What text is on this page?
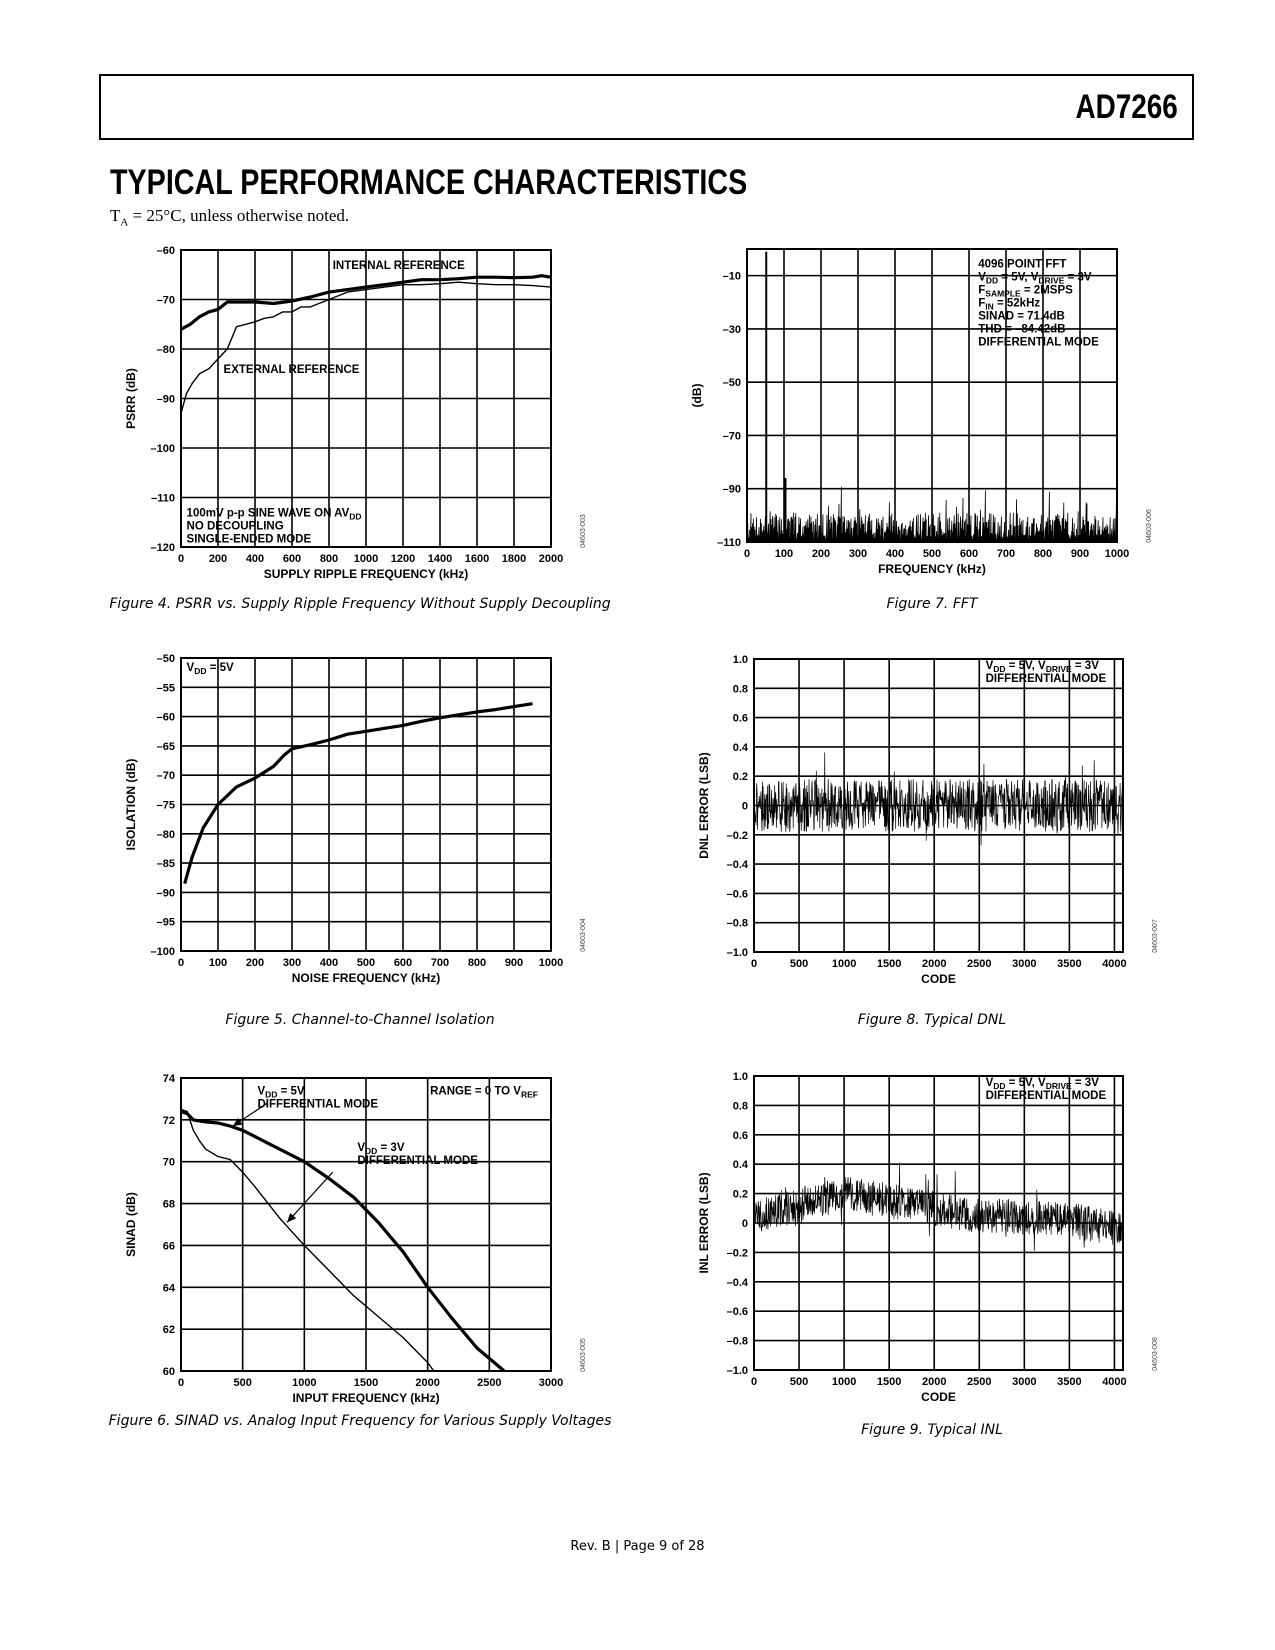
AD7266
TYPICAL PERFORMANCE CHARACTERISTICS
$T_A = 25^\circ C$, unless otherwise noted.
0 200 400 600 800 1000 1200 1400 1600 1800 2000
–120
–110
–100
–90
–80
–70
–60
SUPPLY RIPPLE FREQUENCY (kHz)
PSRR (dB)
04603-003
INTERNAL REFERENCE
EXTERNAL REFERENCE
100mV p-p SINE WAVE ON $AV_{DD}$
NO DECOUPLING
SINGLE-ENDED MODE
0 100 200 300 400 500 600 700 800 900 1000
–100
–95
–90
–85
–80
–75
–70
–65
–60
–55
–50
NOISE FREQUENCY (kHz)
ISOLATION (dB)
04603-004
$V_{DD} = 5V$
0	500	1000	1500	2000	2500	3000
60
62
64
66
68
70
72
74
INPUT FREQUENCY (kHz)
SINAD (dB)
04603-005
$V_{DD} = 5V$
DIFFERENTIAL MODE
$V_{DD} = 3V$
DIFFERENTIAL MODE
RANGE = 0 TO $V_{REF}$
0 100 200 300 400 500 600 700 800 900 1000
–110
–90
–70
–50
–30
–10
FREQUENCY (kHz)
(dB)
04603-006
4096 POINT FFT
$V_{DD} = 5V$, $V_{DRIVE} = 3V$
$F_{SAMPLE}$ = 2MSPS
$F_{IN} = 52kHz$
SINAD = 71.4dB
THD = –84.42dB
DIFFERENTIAL MODE
0	500 1000 1500 2000 2500 3000 3500 4000
–1.0
–0.8
–0.6
–0.4
–0.2
0
0.2
0.4
0.6
0.8
1.0
CODE
DNL ERROR (LSB)
04603-007
$V_{DD} = 5V$, $V_{DRIVE} = 3V$
DIFFERENTIAL MODE
0	500 1000 1500 2000 2500 3000 3500 4000
–1.0
–0.8
–0.6
–0.4
–0.2
0
0.2
0.4
0.6
0.8
1.0
CODE
INL ERROR (LSB)
04603-008
$V_{DD} = 5V$, $V_{DRIVE} = 3V$
DIFFERENTIAL MODE
Figure 4. PSRR vs. Supply Ripple Frequency Without Supply Decoupling
Figure 5. Channel-to-Channel Isolation
Figure 6. SINAD vs. Analog Input Frequency for Various Supply Voltages
Figure 7. FFT
Figure 8. Typical DNL
Figure 9. Typical INL
Rev. B | Page 9 of 28
